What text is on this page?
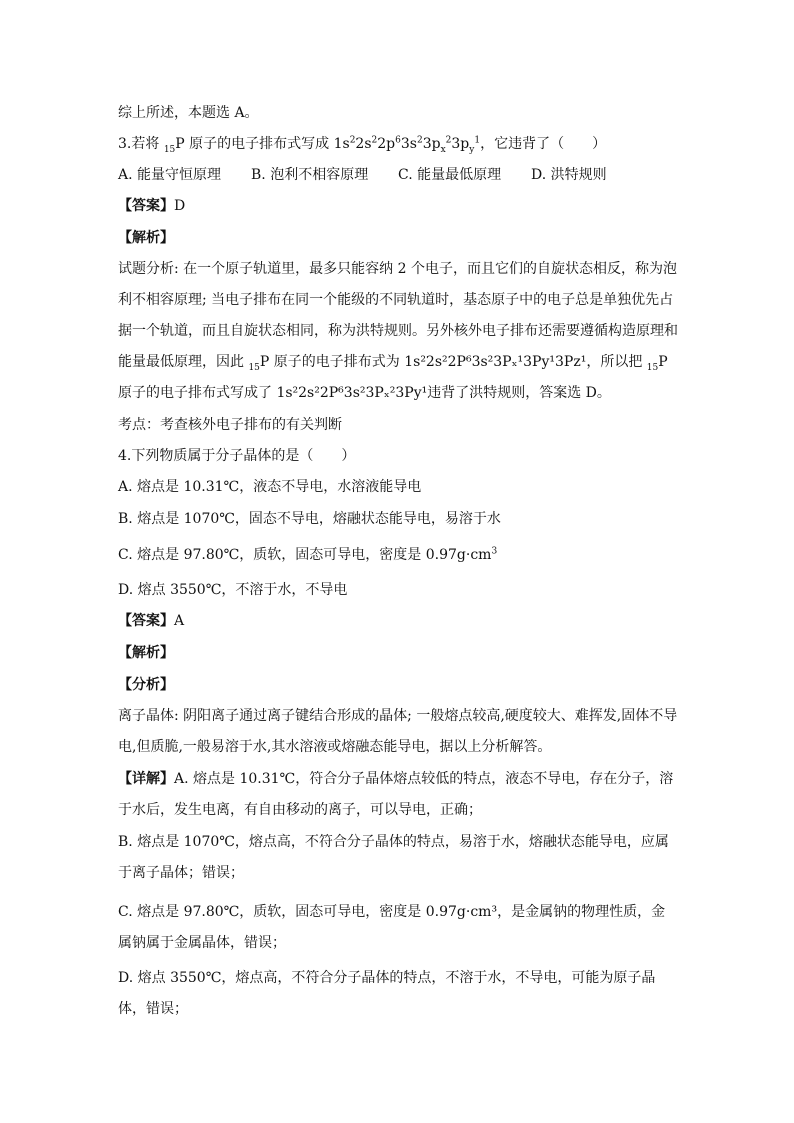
综上所述，本题选 A。
3.若将 $_{15}$P 原子的电子排布式写成 $1s^22s^22p^63s^23p_x^23p_y^1$，它违背了（　　）
A. 能量守恒原理 B. 泡利不相容原理 C. 能量最低原理 D. 洪特规则
【答案】D
【解析】
试题分析: 在一个原子轨道里，最多只能容纳 2 个电子，而且它们的自旋状态相反，称为泡利不相容原理; 当电子排布在同一个能级的不同轨道时，基态原子中的电子总是单独优先占据一个轨道，而且自旋状态相同，称为洪特规则。另外核外电子排布还需要遵循构造原理和能量最低原理，因此 $_{15}$P 原子的电子排布式为 1s²2s²2P⁶3s²3Pₓ¹3Py¹3Pz¹，所以把 $_{15}$P 原子的电子排布式写成了 1s²2s²2P⁶3s²3Pₓ²3Py¹违背了洪特规则，答案选 D。
考点：考查核外电子排布的有关判断
4.下列物质属于分子晶体的是（　　）
A. 熔点是 10.31℃，液态不导电，水溶液能导电
B. 熔点是 1070℃，固态不导电，熔融状态能导电，易溶于水
C. 熔点是 97.80℃，质软，固态可导电，密度是 $0.97g\cdot cm^3$
D. 熔点 3550℃，不溶于水，不导电
【答案】A
【解析】
【分析】
离子晶体: 阴阳离子通过离子键结合形成的晶体; 一般熔点较高,硬度较大、难挥发,固体不导电,但质脆,一般易溶于水,其水溶液或熔融态能导电，据以上分析解答。
【详解】A. 熔点是 10.31℃，符合分子晶体熔点较低的特点，液态不导电，存在分子，溶于水后，发生电离，有自由移动的离子，可以导电，正确；
B. 熔点是 1070℃，熔点高，不符合分子晶体的特点，易溶于水，熔融状态能导电，应属于离子晶体；错误；
C. 熔点是 97.80℃，质软，固态可导电，密度是 0.97g·cm³，是金属钠的物理性质，金属钠属于金属晶体，错误；
D. 熔点 3550℃，熔点高，不符合分子晶体的特点，不溶于水，不导电，可能为原子晶体，错误；
